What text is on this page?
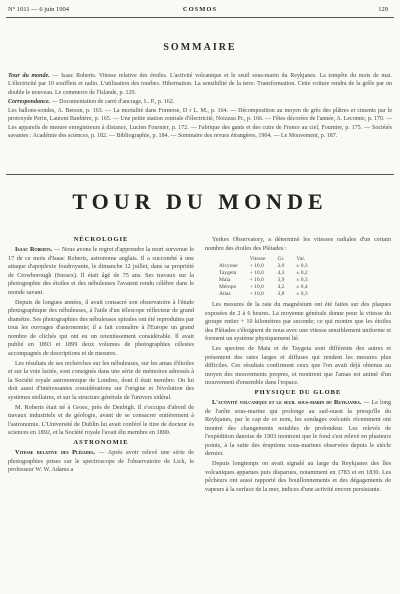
N° 1011 — 6 juin 1904	COSMOS	129
SOMMAIRE

Tour du monde. — Isaac Roberts. Vitesse relative des étoiles. L'activité volcanique et le seuil sous-marin du Reykjanes. La tempête du mois de mai. L'électricité par 10 soufflets et radio. L'utilisation des tourbes. Hibernation. La sensibilité de la terre. Transformation. Cette voiture rendra de la grêle par un double le nouveau. Le commerce de l'Islande, p. 129.

Correspondance. — Documentation de carré d'ancrage, L. P., p. 162.

Les ballons-sondes, A. Berson, p. 163. — La mortalité dans Formose, D r L. M., p. 164. — Décomposition au moyen de grès des plâtres et ciments par le protoxyde Perin, Laurent Banbière, p. 165. — Une petite station centrale d'électricité, Noizeau Pr., p. 166. — Fêtes décorées de l'année, A. Lecomte, p. 170. — Les appareils de mesure enregistreurs à distance, Lucien Fournier, p. 172. — Fabrique des gants et des cuirs de France au ciel, Fournier, p. 175. — Sociétés savantes : Académie des sciences, p. 182. — Bibliographie, p. 184. — Sommaire des revues étrangères, 1904. — Le Mouvement, p. 187.

TOUR DU MONDE

NÉCROLOGIE

Isaac Roberts. — Nous avons le regret d'apprendre la mort survenue le 17 de ce mois d'Isaac Roberts, astronome anglais. Il a succombé à une attaque d'apoplexie foudroyante, le dimanche 12 juillet, dans sa propriété de Crowborough (Sussex). Il était âgé de 75 ans. Ses travaux sur la photographie des étoiles et des nébuleuses l'avaient rendu célèbre dans le monde savant.

Depuis de longues années, il avait consacré son observatoire à l'étude photographique des nébuleuses, à l'aide d'un télescope réflecteur de grand diamètre. Ses photographies des nébuleuses spirales ont été reproduites par tous les ouvrages d'astronomie; il a fait connaître à l'Europe un grand nombre de clichés qui ont eu un retentissement considérable. Il avait publié en 1893 et 1899 deux volumes de photographies célestes accompagnés de descriptions et de mesures.

Les résultats de ses recherches sur les nébuleuses, sur les amas d'étoiles et sur la voie lactée, sont consignés dans une série de mémoires adressés à la Société royale astronomique de Londres, dont il était membre. On lui doit aussi d'intéressantes considérations sur l'origine et l'évolution des systèmes stellaires, et sur la structure générale de l'univers sidéral.

M. Roberts était né à Groes, près de Denbigh. Il s'occupa d'abord de travaux industriels et de géologie, avant de se consacrer entièrement à l'astronomie. L'Université de Dublin lui avait conféré le titre de docteur ès sciences en 1892, et la Société royale l'avait élu membre en 1890.

ASTRONOMIE

Vitesse relative des Pléiades. — Après avoir relevé une série de photographies prises sur le spectroscope de l'observatoire de Lick, le professeur W. W. Adams a

Yerkes Observatory, a déterminé les vitesses radiales d'un certain nombre des étoiles des Pléiades :

	Vitesse	Gr.	Var.
Alcyone	+ 10,0	3,0	± 0,3
Taygeta	+ 10,0	4,3	± 0,2
Maïa	+ 10,0	3,9	± 0,3
Mérope	+ 10,0	4,2	± 0,4
Atlas	+ 10,0	3,8	± 0,3

Les mesures de la raie du magnésium ont été faites sur des plaques exposées de 2 à 6 heures. La moyenne générale donne pour la vitesse du groupe entier + 10 kilomètres par seconde; ce qui montre que les étoiles des Pléiades s'éloignent de nous avec une vitesse sensiblement uniforme et forment un système physiquement lié.

Les spectres de Maïa et de Taygeta sont différents des autres et présentent des raies larges et diffuses qui rendent les mesures plus difficiles. Ces résultats confirment ceux que l'on avait déjà obtenus au moyen des mouvements propres, et montrent que l'amas est animé d'un mouvement d'ensemble dans l'espace.

PHYSIQUE DU GLOBE

L'activité volcanique et le seuil sous-marin du Reykjanes. — Le long de l'arête sous-marine qui prolonge au sud-ouest la presqu'île du Reykjanes, par le cap de ce nom, les sondages exécutés récemment ont montré des changements notables de profondeur. Les relevés de l'expédition danoise de 1903 montrent que le fond s'est relevé en plusieurs points, à la suite des éruptions sous-marines observées depuis le siècle dernier.

Depuis longtemps on avait signalé au large du Reykjanes des îles volcaniques apparues puis disparues, notamment en 1783 et en 1830. Les pêcheurs ont aussi rapporté des bouillonnements et des dégagements de vapeurs à la surface de la mer, indices d'une activité encore persistante.
